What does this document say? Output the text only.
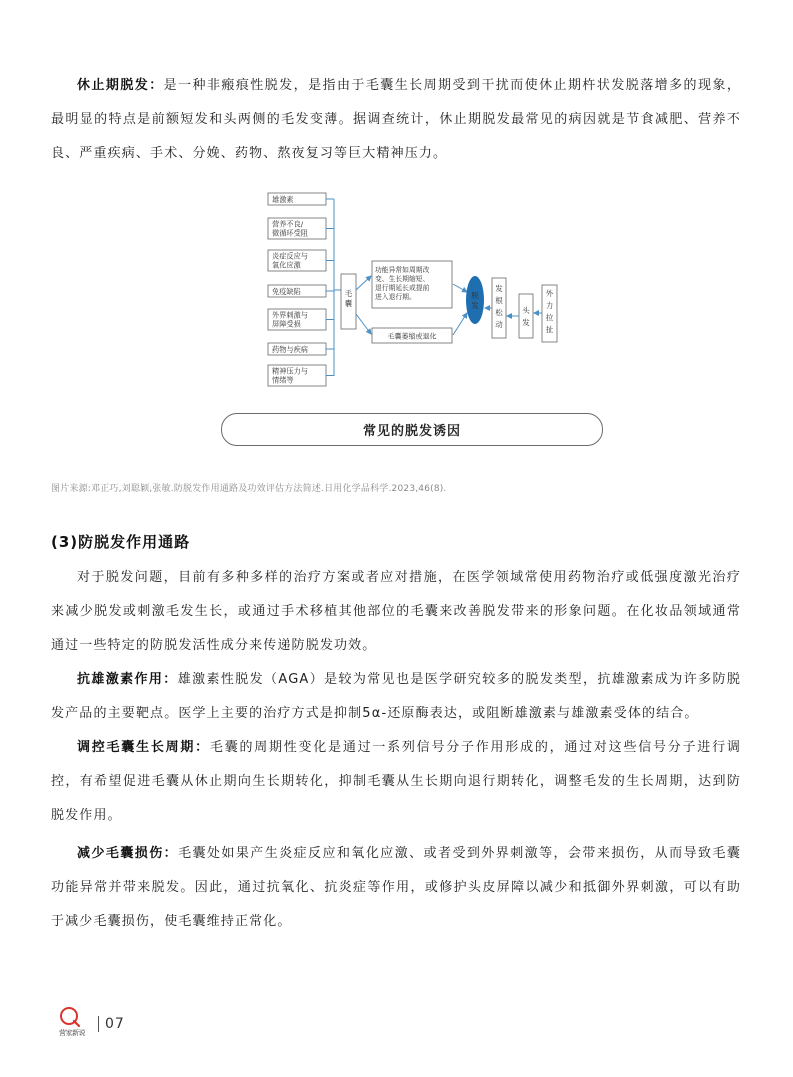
休止期脱发：是一种非瘢痕性脱发，是指由于毛囊生长周期受到干扰而使休止期杵状发脱落增多的现象，最明显的特点是前额短发和头两侧的毛发变薄。据调查统计，休止期脱发最常见的病因就是节食减肥、营养不良、严重疾病、手术、分娩、药物、熬夜复习等巨大精神压力。

雄激素
营养不良/
微循环受阻
炎症反应与
氧化应激
免疫缺陷
外界刺激与
屏障受损
药物与疾病
精神压力与
情绪等
毛
囊
功能异常如周期改
变、生长期缩短、
退行期延长或提前
进入退行期。
毛囊萎缩或退化
脱
发
发
根
松
动
头
发
外
力
拉
扯
常见的脱发诱因
图片来源:邓正巧,刘聪颖,张敏.防脱发作用通路及功效评估方法简述.日用化学品科学.2023,46(8).
(3)防脱发作用通路

对于脱发问题，目前有多种多样的治疗方案或者应对措施，在医学领域常使用药物治疗或低强度激光治疗来减少脱发或刺激毛发生长，或通过手术移植其他部位的毛囊来改善脱发带来的形象问题。在化妆品领域通常通过一些特定的防脱发活性成分来传递防脱发功效。

抗雄激素作用：雄激素性脱发（AGA）是较为常见也是医学研究较多的脱发类型，抗雄激素成为许多防脱发产品的主要靶点。医学上主要的治疗方式是抑制5α-还原酶表达，或阻断雄激素与雄激素受体的结合。

调控毛囊生长周期：毛囊的周期性变化是通过一系列信号分子作用形成的，通过对这些信号分子进行调控，有希望促进毛囊从休止期向生长期转化，抑制毛囊从生长期向退行期转化，调整毛发的生长周期，达到防脱发作用。

减少毛囊损伤：毛囊处如果产生炎症反应和氧化应激、或者受到外界刺激等，会带来损伤，从而导致毛囊功能异常并带来脱发。因此，通过抗氧化、抗炎症等作用，或修护头皮屏障以减少和抵御外界刺激，可以有助于减少毛囊损伤，使毛囊维持正常化。

营家新说
07
